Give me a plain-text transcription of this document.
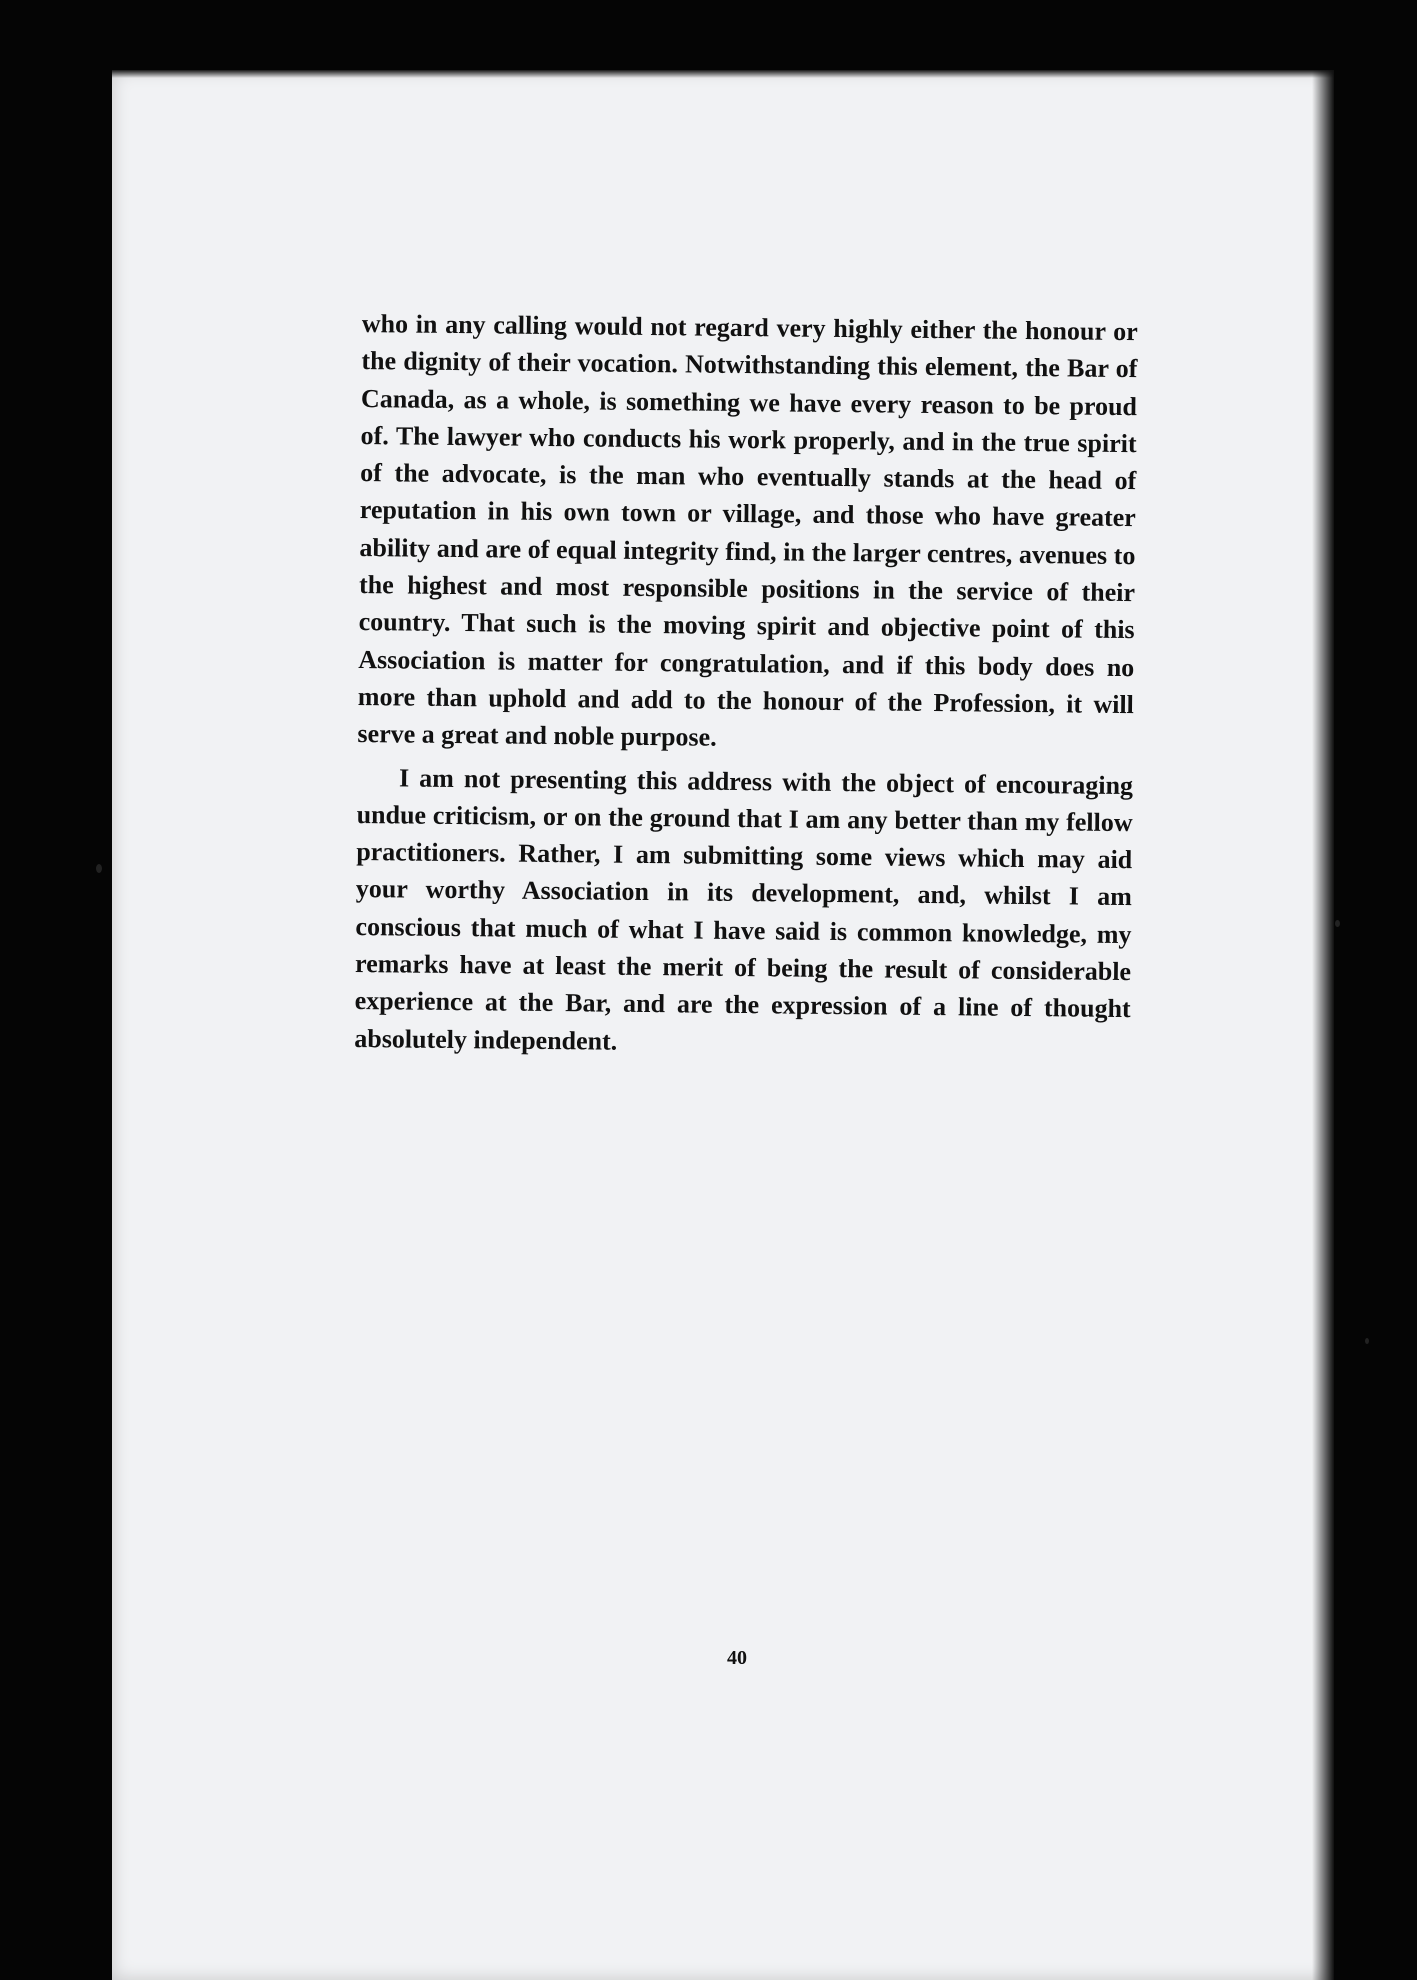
who in any calling would not regard very highly either the honour or the dignity of their vocation. Notwithstanding this element, the Bar of Canada, as a whole, is something we have every reason to be proud of. The lawyer who conducts his work properly, and in the true spirit of the advocate, is the man who eventually stands at the head of reputation in his own town or village, and those who have greater ability and are of equal integrity find, in the larger centres, avenues to the highest and most responsible positions in the service of their country. That such is the moving spirit and objective point of this Association is matter for congratulation, and if this body does no more than uphold and add to the honour of the Profession, it will serve a great and noble purpose.

I am not presenting this address with the object of encouraging undue criticism, or on the ground that I am any better than my fellow practitioners. Rather, I am submitting some views which may aid your worthy Association in its development, and, whilst I am conscious that much of what I have said is common knowledge, my remarks have at least the merit of being the result of considerable experience at the Bar, and are the expression of a line of thought absolutely independent.

40
